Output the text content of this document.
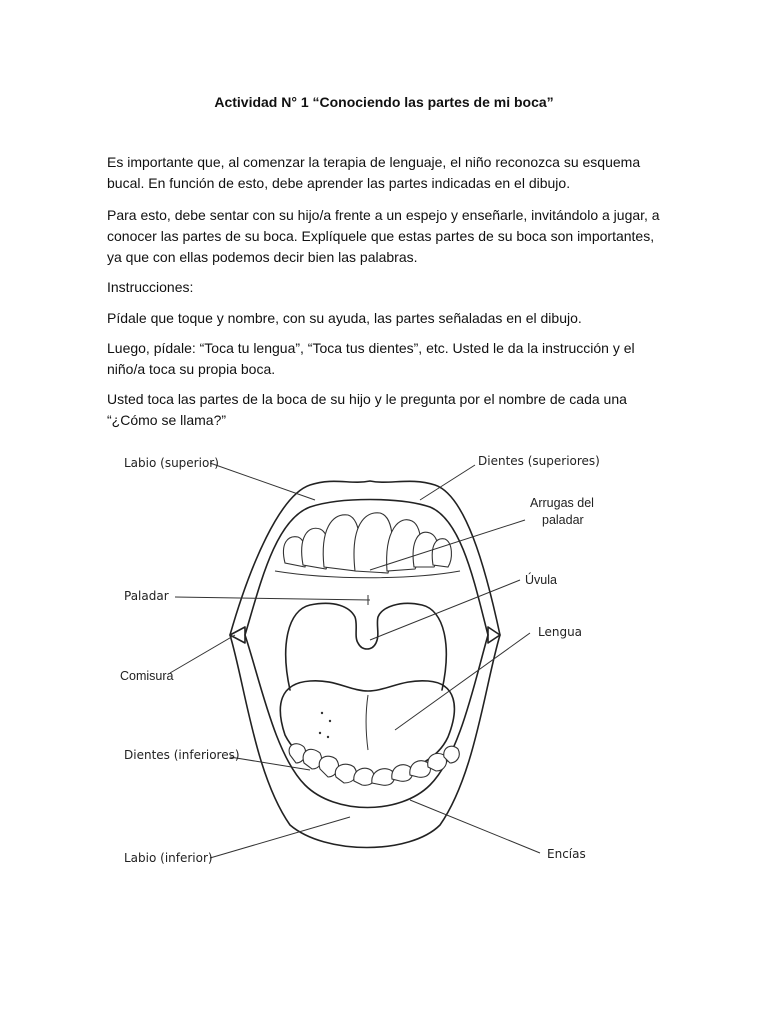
Actividad N° 1 “Conociendo las partes de mi boca”

Es importante que, al comenzar la terapia de lenguaje, el niño reconozca su esquema bucal. En función de esto, debe aprender las partes indicadas en el dibujo.

Para esto, debe sentar con su hijo/a frente a un espejo y enseñarle, invitándolo a jugar, a conocer las partes de su boca. Explíquele que estas partes de su boca son importantes, ya que con ellas podemos decir bien las palabras.

Instrucciones:

Pídale que toque y nombre, con su ayuda, las partes señaladas en el dibujo.

Luego, pídale: “Toca tu lengua”, “Toca tus dientes”, etc. Usted le da la instrucción y el niño/a toca su propia boca.

Usted toca las partes de la boca de su hijo y le pregunta por el nombre de cada una “¿Cómo se llama?”

Labio (superior)	Dientes (superiores)
Arrugas del
paladar
Paladar
Úvula
Lengua
Comisura
Dientes (inferiores)
Labio (inferior)	Encías
